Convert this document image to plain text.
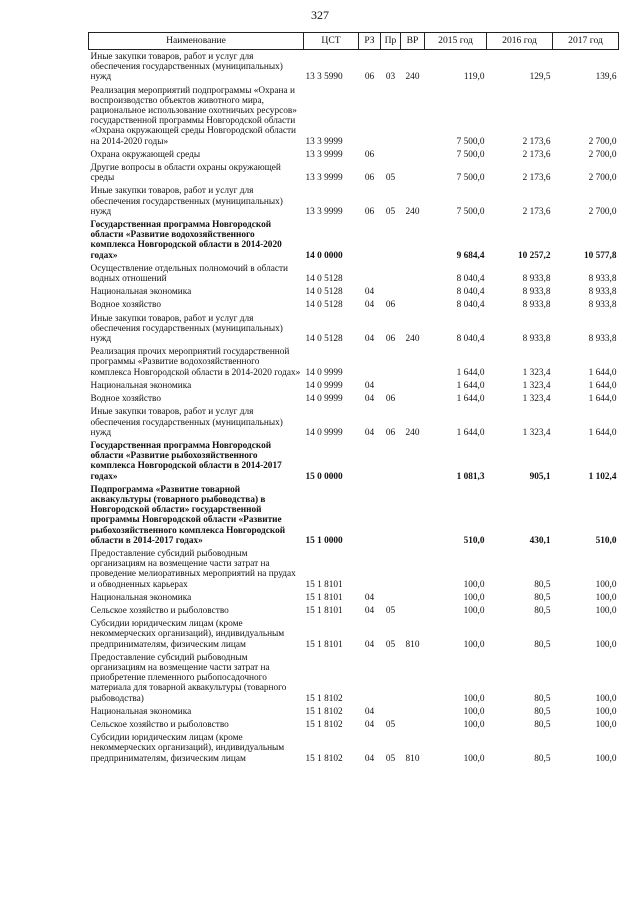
327
Наименование	ЦСТ	РЗ	Пр	ВР	2015 год	2016 год	2017 год
Иные закупки товаров, работ и услуг для обеспечения государственных (муниципальных) нужд	13 3 5990	06	03	240	119,0	129,5	139,6
Реализация мероприятий подпрограммы «Охрана и воспроизводство объектов животного мира, рациональное использование охотничьих ресурсов» государственной программы Новгородской области «Охрана окружающей среды Новгородской области на 2014-2020 годы»	13 3 9999				7 500,0	2 173,6	2 700,0
Охрана окружающей среды	13 3 9999	06			7 500,0	2 173,6	2 700,0
Другие вопросы в области охраны окружающей среды	13 3 9999	06	05		7 500,0	2 173,6	2 700,0
Иные закупки товаров, работ и услуг для обеспечения государственных (муниципальных) нужд	13 3 9999	06	05	240	7 500,0	2 173,6	2 700,0
Государственная программа Новгородской области «Развитие водохозяйственного комплекса Новгородской области в 2014-2020 годах»	14 0 0000				9 684,4	10 257,2	10 577,8
Осуществление отдельных полномочий в области водных отношений	14 0 5128				8 040,4	8 933,8	8 933,8
Национальная экономика	14 0 5128	04			8 040,4	8 933,8	8 933,8
Водное хозяйство	14 0 5128	04	06		8 040,4	8 933,8	8 933,8
Иные закупки товаров, работ и услуг для обеспечения государственных (муниципальных) нужд	14 0 5128	04	06	240	8 040,4	8 933,8	8 933,8
Реализация прочих мероприятий государственной программы «Развитие водохозяйственного комплекса Новгородской области в 2014-2020 годах»	14 0 9999				1 644,0	1 323,4	1 644,0
Национальная экономика	14 0 9999	04			1 644,0	1 323,4	1 644,0
Водное хозяйство	14 0 9999	04	06		1 644,0	1 323,4	1 644,0
Иные закупки товаров, работ и услуг для обеспечения государственных (муниципальных) нужд	14 0 9999	04	06	240	1 644,0	1 323,4	1 644,0
Государственная программа Новгородской области «Развитие рыбохозяйственного комплекса Новгородской области в 2014-2017 годах»	15 0 0000				1 081,3	905,1	1 102,4
Подпрограмма «Развитие товарной аквакультуры (товарного рыбоводства) в Новгородской области» государственной программы Новгородской области «Развитие рыбохозяйственного комплекса Новгородской области в 2014-2017 годах»	15 1 0000				510,0	430,1	510,0
Предоставление субсидий рыбоводным организациям на возмещение части затрат на проведение мелиоративных мероприятий на прудах и обводненных карьерах	15 1 8101				100,0	80,5	100,0
Национальная экономика	15 1 8101	04			100,0	80,5	100,0
Сельское хозяйство и рыболовство	15 1 8101	04	05		100,0	80,5	100,0
Субсидии юридическим лицам (кроме некоммерческих организаций), индивидуальным предпринимателям, физическим лицам	15 1 8101	04	05	810	100,0	80,5	100,0
Предоставление субсидий рыбоводным организациям на возмещение части затрат на приобретение племенного рыбопосадочного материала для товарной аквакультуры (товарного рыбоводства)	15 1 8102				100,0	80,5	100,0
Национальная экономика	15 1 8102	04			100,0	80,5	100,0
Сельское хозяйство и рыболовство	15 1 8102	04	05		100,0	80,5	100,0
Субсидии юридическим лицам (кроме некоммерческих организаций), индивидуальным предпринимателям, физическим лицам	15 1 8102	04	05	810	100,0	80,5	100,0
